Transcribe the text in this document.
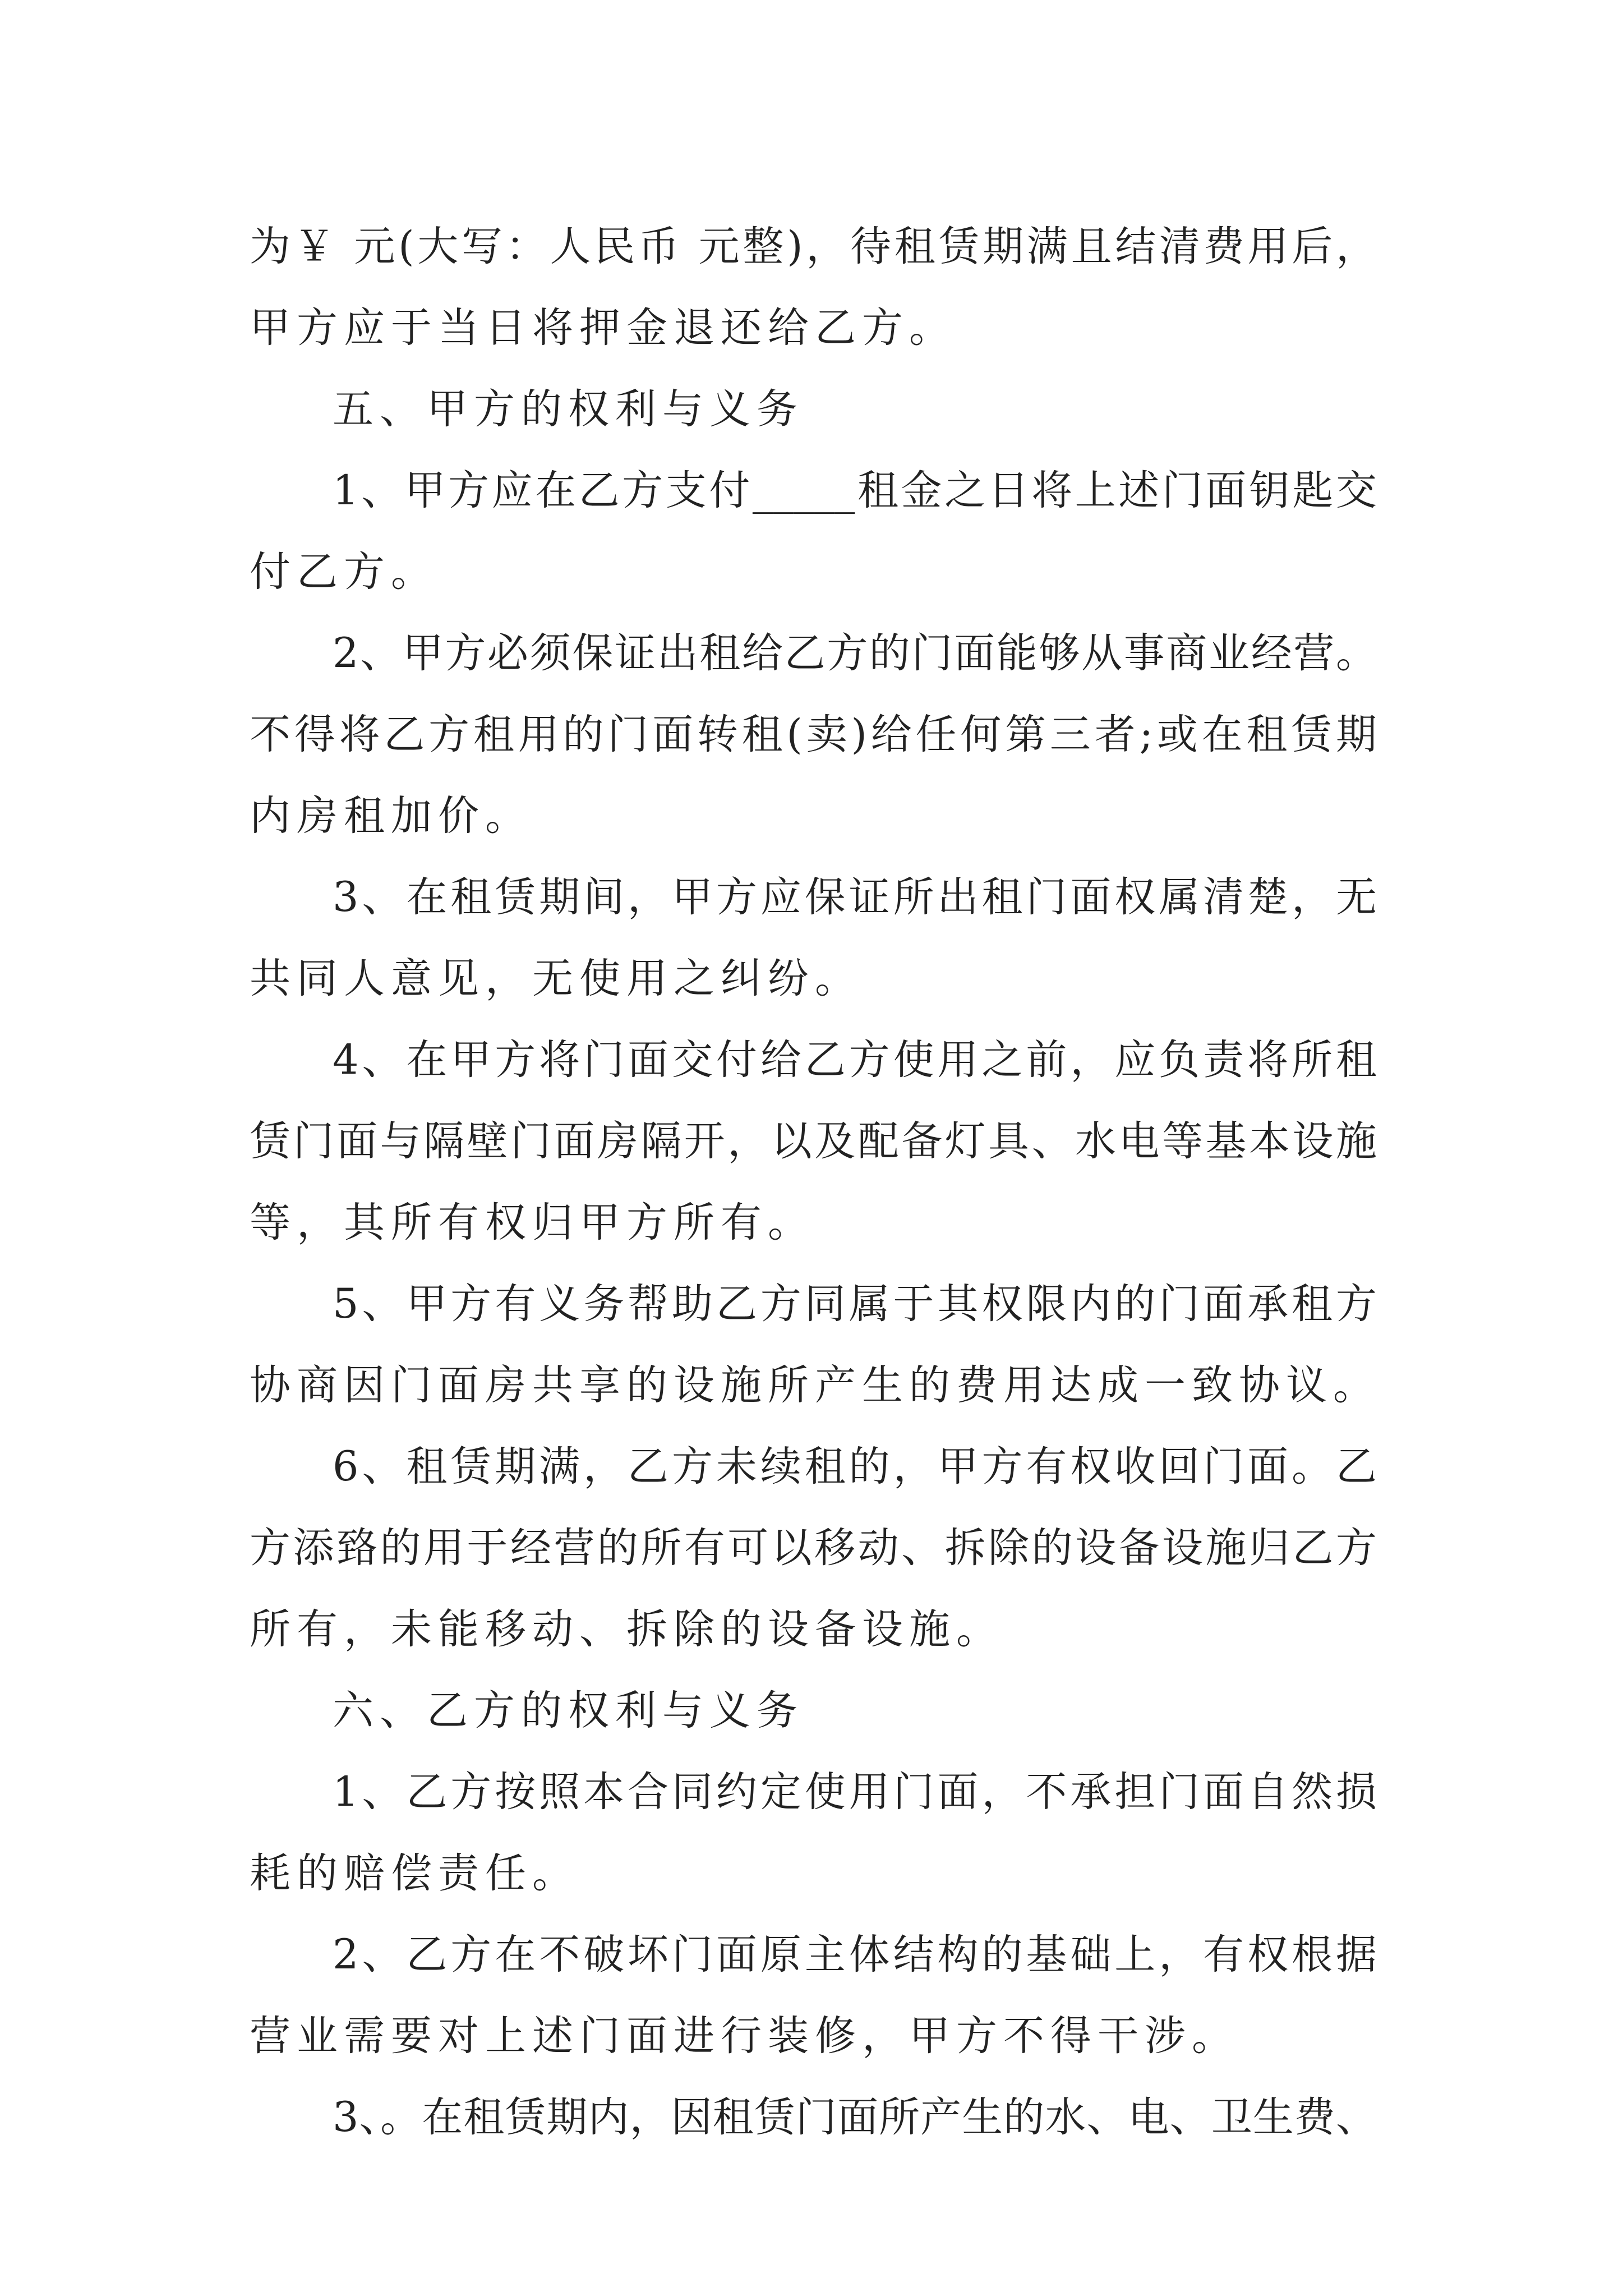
为￥ 元(大写：人民币 元整)，待租赁期满且结清费用后，
甲方应于当日将押金退还给乙方。
五、甲方的权利与义务
1、甲方应在乙方支付_____租金之日将上述门面钥匙交
付乙方。
2、甲方必须保证出租给乙方的门面能够从事商业经营。
不得将乙方租用的门面转租(卖)给任何第三者;或在租赁期
内房租加价。
3、在租赁期间，甲方应保证所出租门面权属清楚，无
共同人意见，无使用之纠纷。
4、在甲方将门面交付给乙方使用之前，应负责将所租
赁门面与隔壁门面房隔开，以及配备灯具、水电等基本设施
等，其所有权归甲方所有。
5、甲方有义务帮助乙方同属于其权限内的门面承租方
协商因门面房共享的设施所产生的费用达成一致协议。
6、租赁期满，乙方未续租的，甲方有权收回门面。乙
方添臵的用于经营的所有可以移动、拆除的设备设施归乙方
所有，未能移动、拆除的设备设施。
六、乙方的权利与义务
1、乙方按照本合同约定使用门面，不承担门面自然损
耗的赔偿责任。
2、乙方在不破坏门面原主体结构的基础上，有权根据
营业需要对上述门面进行装修，甲方不得干涉。
3、。在租赁期内，因租赁门面所产生的水、电、卫生费、
